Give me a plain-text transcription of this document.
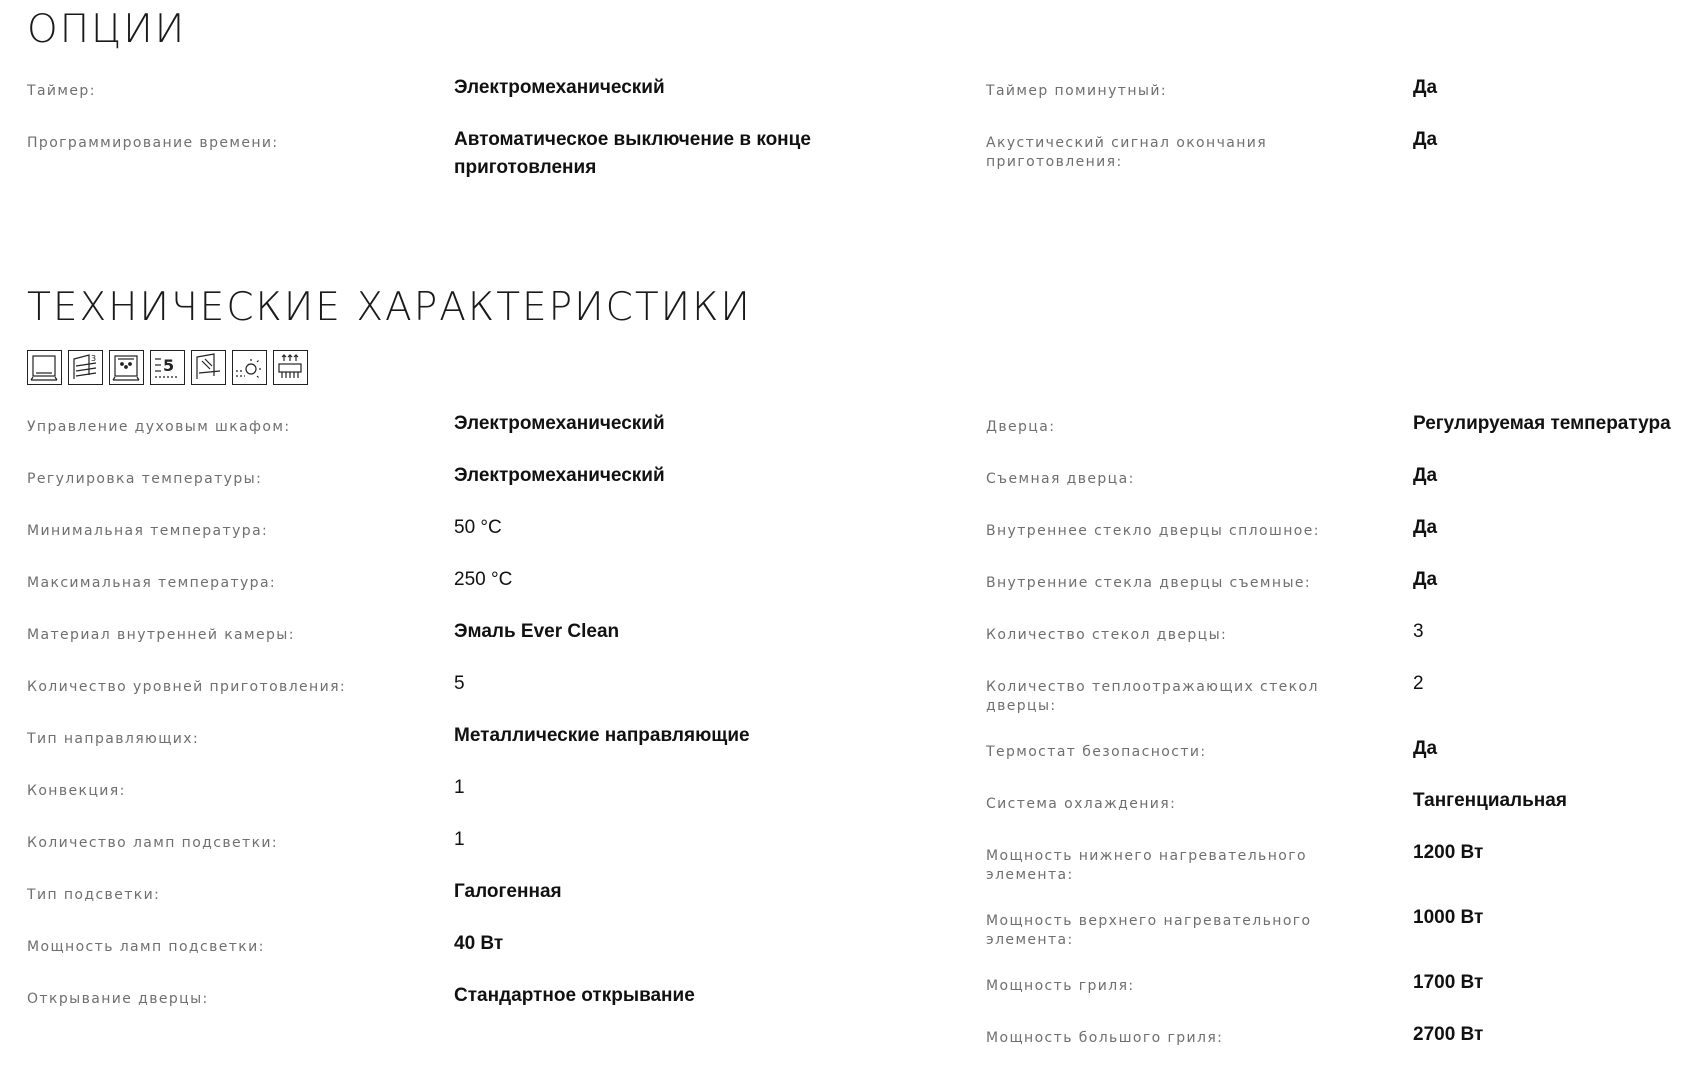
ОПЦИИ
Таймер:	Электромеханический
Программирование времени:	Автоматическое выключение в конце приготовления
Таймер поминутный:	Да
Акустический сигнал окончания приготовления:
Да
ТЕХНИЧЕСКИЕ ХАРАКТЕРИСТИКИ
3	5
Управление духовым шкафом:	Электромеханический
Регулировка температуры:	Электромеханический
Минимальная температура:	50 °C
Максимальная температура:	250 °C
Материал внутренней камеры:	Эмаль Ever Clean
Количество уровней приготовления:	5
Тип направляющих:	Металлические направляющие
Конвекция:	1
Количество ламп подсветки:	1
Тип подсветки:	Галогенная
Мощность ламп подсветки:	40 Вт
Открывание дверцы:	Стандартное открывание
Дверца:	Регулируемая температура
Съемная дверца:	Да
Внутреннее стекло дверцы сплошное:	Да
Внутренние стекла дверцы съемные:	Да
Количество стекол дверцы:	3
Количество теплоотражающих стекол дверцы:
2
Термостат безопасности:	Да
Система охлаждения:	Тангенциальная
Мощность нижнего нагревательного элемента:
1200 Вт
Мощность верхнего нагревательного элемента:
1000 Вт
Мощность гриля:	1700 Вт
Мощность большого гриля:	2700 Вт
